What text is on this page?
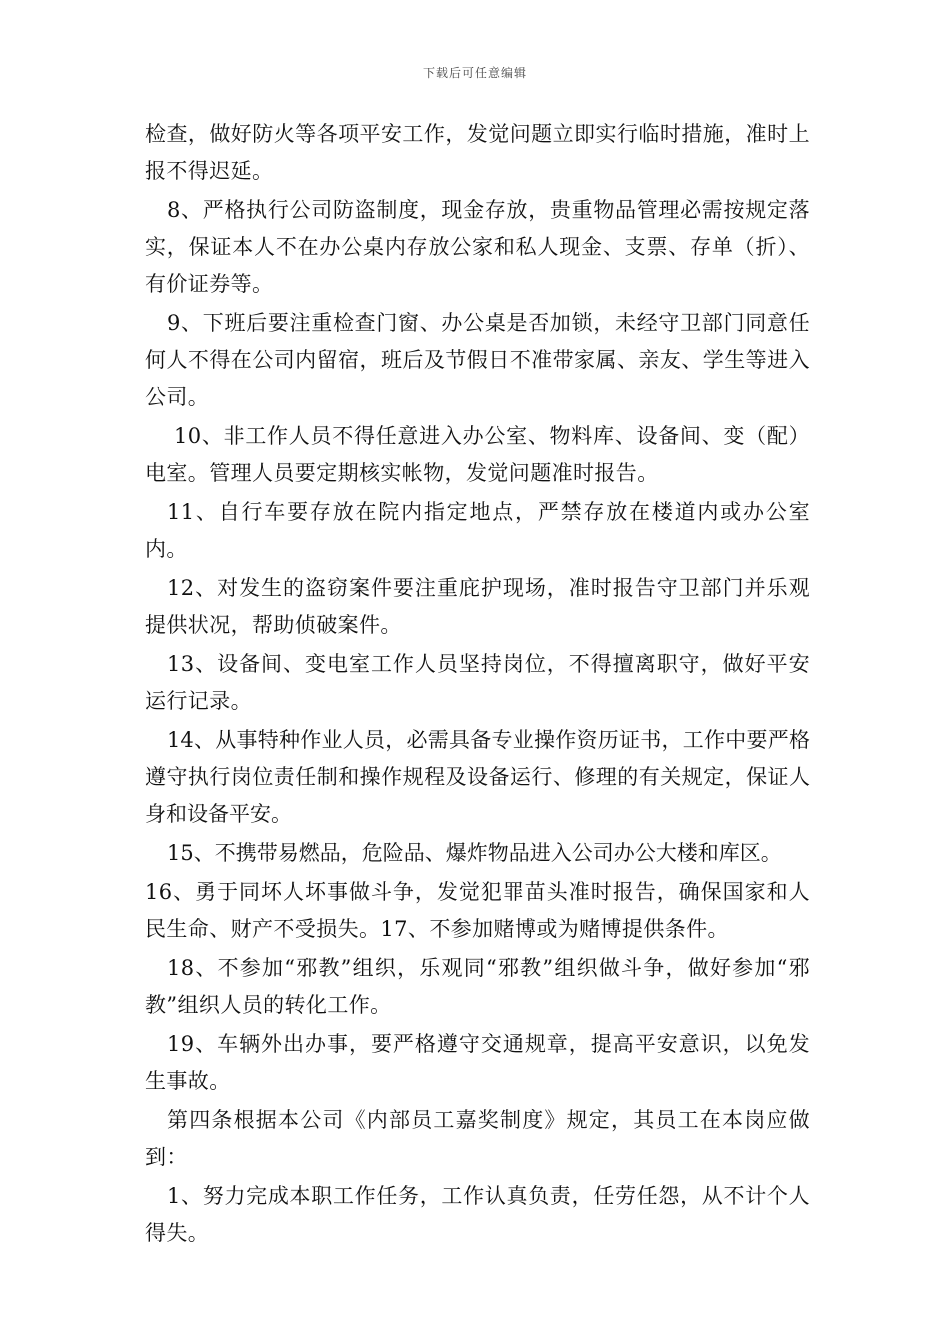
下载后可任意编辑

检查，做好防火等各项平安工作，发觉问题立即实行临时措施，准时上报不得迟延。

8、严格执行公司防盗制度，现金存放，贵重物品管理必需按规定落实，保证本人不在办公桌内存放公家和私人现金、支票、存单（折）、有价证券等。

9、下班后要注重检查门窗、办公桌是否加锁，未经守卫部门同意任何人不得在公司内留宿，班后及节假日不准带家属、亲友、学生等进入公司。

10、非工作人员不得任意进入办公室、物料库、设备间、变（配）电室。管理人员要定期核实帐物，发觉问题准时报告。

11、自行车要存放在院内指定地点，严禁存放在楼道内或办公室内。

12、对发生的盗窃案件要注重庇护现场，准时报告守卫部门并乐观提供状况，帮助侦破案件。

13、设备间、变电室工作人员坚持岗位，不得擅离职守，做好平安运行记录。

14、从事特种作业人员，必需具备专业操作资历证书，工作中要严格遵守执行岗位责任制和操作规程及设备运行、修理的有关规定，保证人身和设备平安。

15、不携带易燃品，危险品、爆炸物品进入公司办公大楼和库区。

16、勇于同坏人坏事做斗争，发觉犯罪苗头准时报告，确保国家和人民生命、财产不受损失。17、不参加赌博或为赌博提供条件。

18、不参加“邪教”组织，乐观同“邪教”组织做斗争，做好参加“邪教”组织人员的转化工作。

19、车辆外出办事，要严格遵守交通规章，提高平安意识，以免发生事故。

第四条根据本公司《内部员工嘉奖制度》规定，其员工在本岗应做到：

1、努力完成本职工作任务，工作认真负责，任劳任怨，从不计个人得失。
